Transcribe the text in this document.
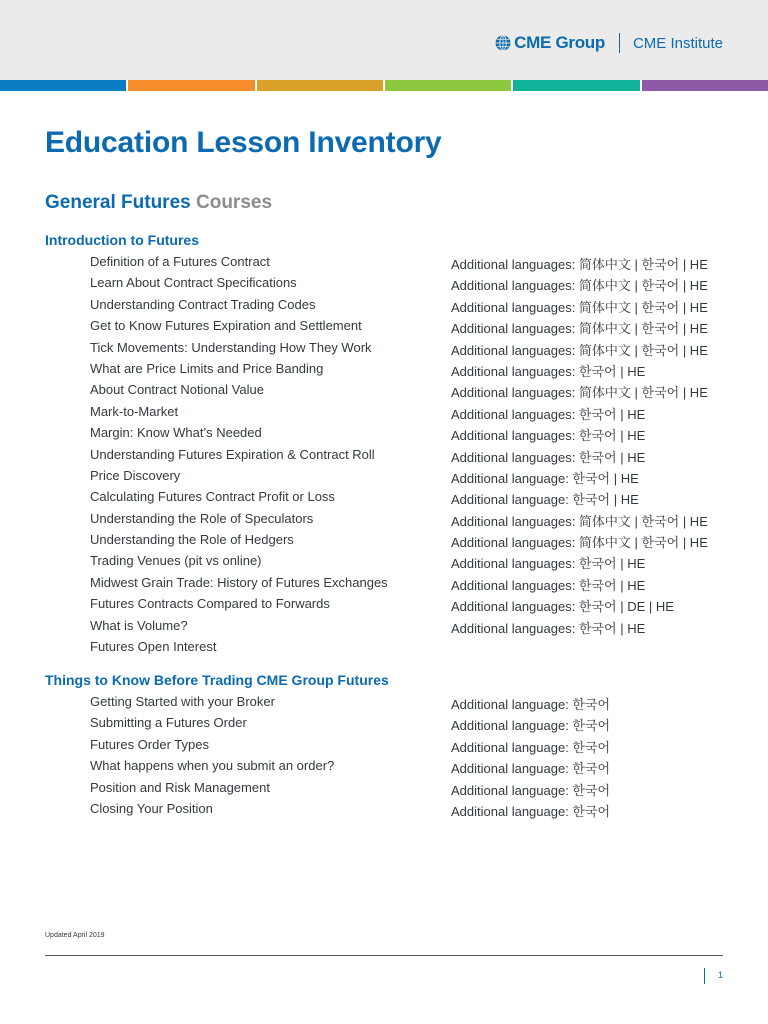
CME Group CME Institute
Education Lesson Inventory
General Futures Courses
Introduction to Futures
Definition of a Futures Contract	Additional languages: 简体中文 | 한국어 | HE
Learn About Contract Specifications	Additional languages: 简体中文 | 한국어 | HE
Understanding Contract Trading Codes	Additional languages: 简体中文 | 한국어 | HE
Get to Know Futures Expiration and Settlement	Additional languages: 简体中文 | 한국어 | HE
Tick Movements: Understanding How They Work	Additional languages: 简体中文 | 한국어 | HE
What are Price Limits and Price Banding	Additional languages: 한국어 | HE
About Contract Notional Value	Additional languages: 简体中文 | 한국어 | HE
Mark-to-Market	Additional languages: 한국어 | HE
Margin: Know What’s Needed	Additional languages: 한국어 | HE
Understanding Futures Expiration & Contract Roll	Additional languages: 한국어 | HE
Price Discovery	Additional language: 한국어 | HE
Calculating Futures Contract Profit or Loss	Additional language: 한국어 | HE
Understanding the Role of Speculators	Additional languages: 简体中文 | 한국어 | HE
Understanding the Role of Hedgers	Additional languages: 简体中文 | 한국어 | HE
Trading Venues (pit vs online)	Additional languages: 한국어 | HE
Midwest Grain Trade: History of Futures Exchanges	Additional languages: 한국어 | HE
Futures Contracts Compared to Forwards	Additional languages: 한국어 | DE | HE
What is Volume?	Additional languages: 한국어 | HE
Futures Open Interest
Things to Know Before Trading CME Group Futures
Getting Started with your Broker	Additional language: 한국어
Submitting a Futures Order	Additional language: 한국어
Futures Order Types	Additional language: 한국어
What happens when you submit an order?	Additional language: 한국어
Position and Risk Management	Additional language: 한국어
Closing Your Position	Additional language: 한국어
Updated April 2019
1
